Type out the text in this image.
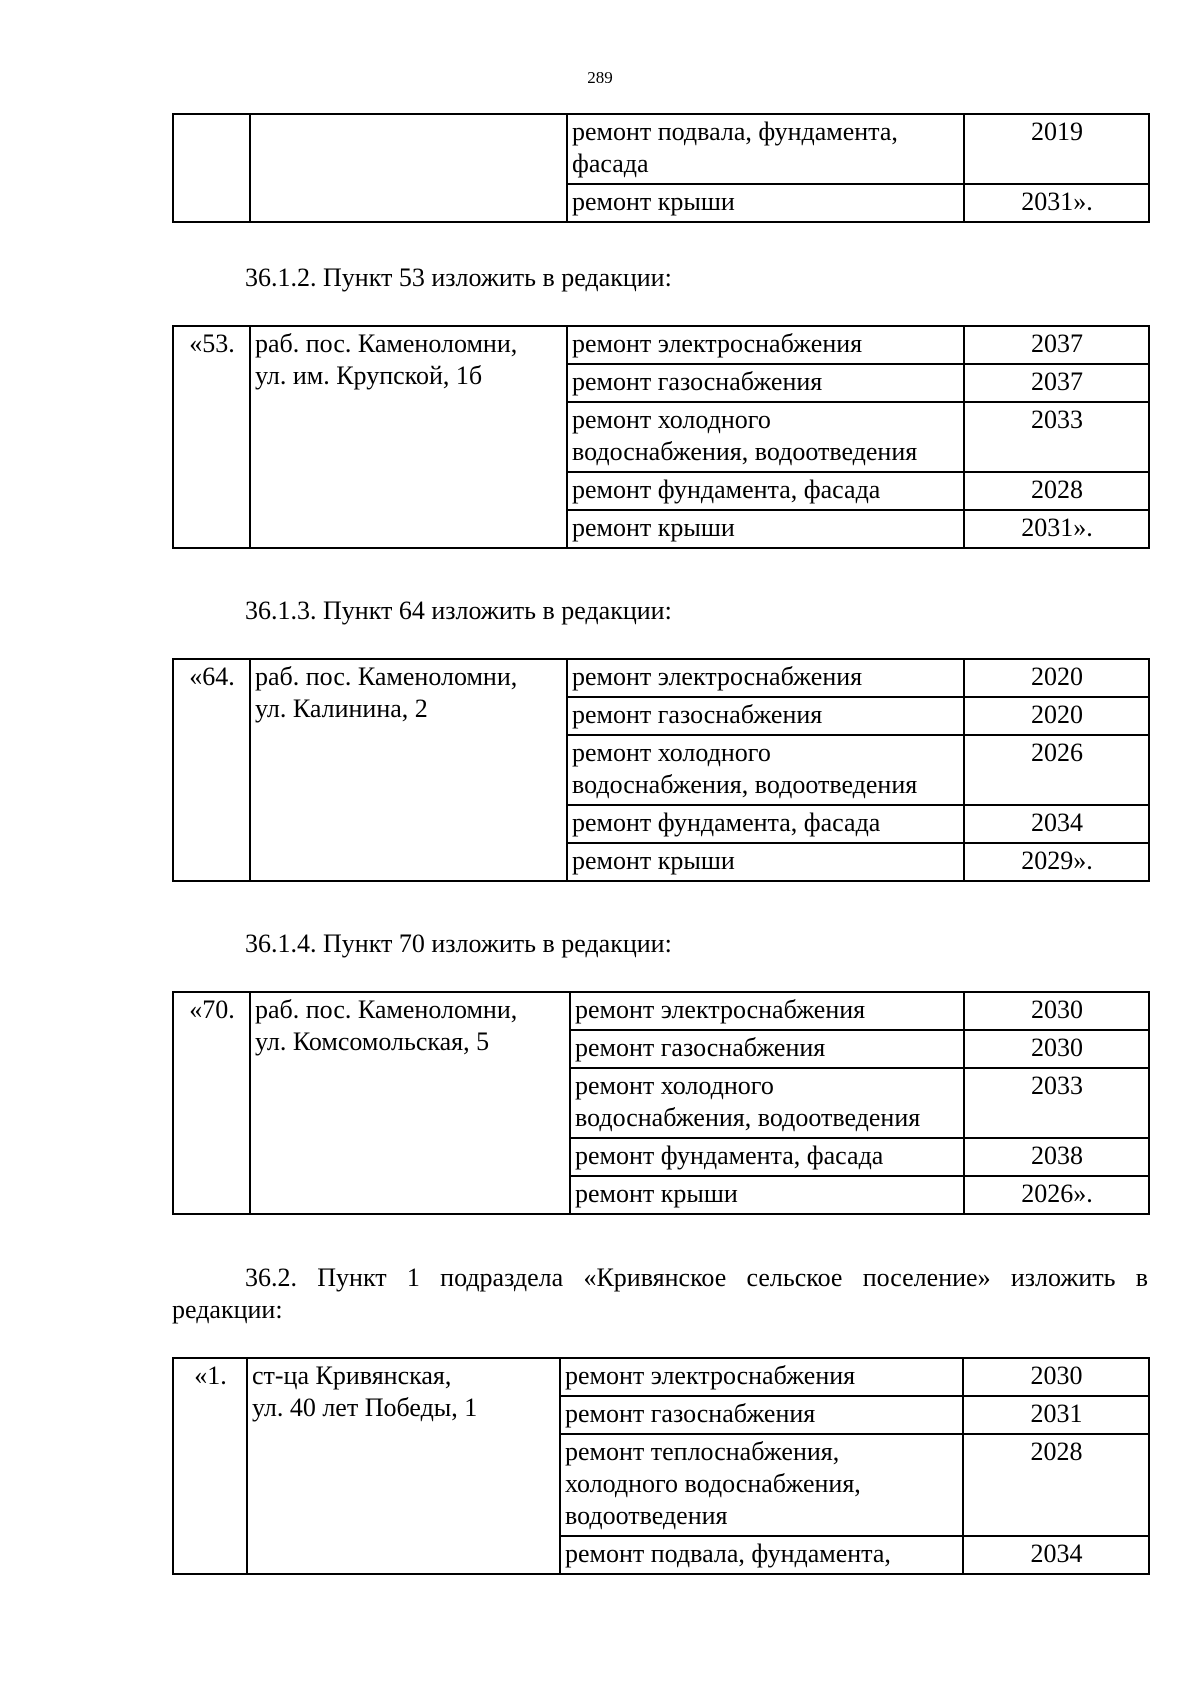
289
		ремонт подвала, фундамента,
фасада	2019
		ремонт крыши	2031».
36.1.2. Пункт 53 изложить в редакции:
«53.	раб. пос. Каменоломни,
ул. им. Крупской, 1б	ремонт электроснабжения	2037
		ремонт газоснабжения	2037
		ремонт холодного
водоснабжения, водоотведения	2033
		ремонт фундамента, фасада	2028
		ремонт крыши	2031».
36.1.3. Пункт 64 изложить в редакции:
«64.	раб. пос. Каменоломни,
ул. Калинина, 2	ремонт электроснабжения	2020
		ремонт газоснабжения	2020
		ремонт холодного
водоснабжения, водоотведения	2026
		ремонт фундамента, фасада	2034
		ремонт крыши	2029».
36.1.4. Пункт 70 изложить в редакции:
«70.	раб. пос. Каменоломни,
ул. Комсомольская, 5	ремонт электроснабжения	2030
		ремонт газоснабжения	2030
		ремонт холодного
водоснабжения, водоотведения	2033
		ремонт фундамента, фасада	2038
		ремонт крыши	2026».
36.2. Пункт 1 подраздела «Кривянское сельское поселение» изложить в редакции:
«1.	ст-ца Кривянская,
ул. 40 лет Победы, 1	ремонт электроснабжения	2030
		ремонт газоснабжения	2031
		ремонт теплоснабжения,
холодного водоснабжения,
водоотведения	2028
		ремонт подвала, фундамента,	2034
